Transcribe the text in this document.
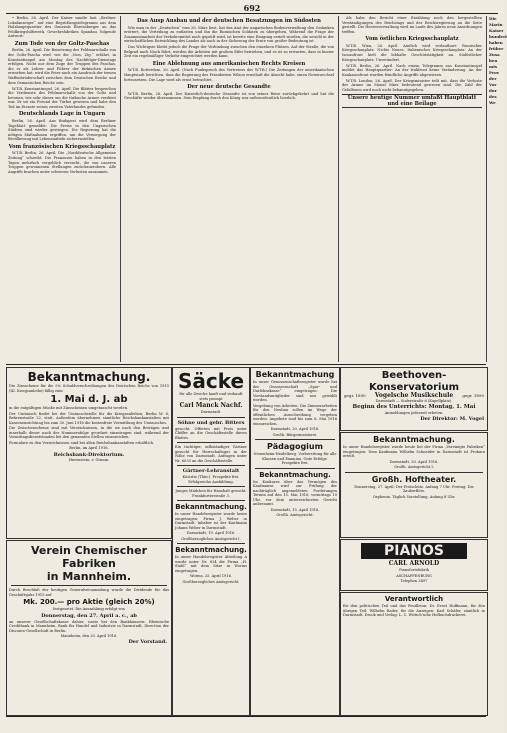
692

• Berlin, 26. April. Der Kaiser sandte laut „Berliner Lokalanzeiger“ auf eine Begrüßungstelegramm aus dem Holzhauptquartier des Generals Ehrensberger an das Feldkriegshilfswerk, Gewehrsfabriken Spandau, folgende Antwort:

Zum Tode von der Goltz-Paschas

Berlin, 26. April. Die Beisetzung des Feldmarschalls von der Goltz-Pascha wird, wie die „Voss. Ztg.“ erfährt, in Konstantinopel am Montag des Nachfolger-Dienstags erfolgen. Nicht nur dem Zuge der Truppen des Paschas, die er als Lehrer und Führer der türkischen Armee erworben hat, wird die Feier auch ein Ausdruck der treuen Waffenbrüderschaft zwischen dem Deutschen Reiche und dem Osmanischen Reiche sein.

W.T.B. Konstantinopel, 26. April. Die Blätter besprechen die Verdienste des Feldmarschalls von der Goltz und betonen, wie sehr dieser um die türkische Armee verdient war. Er sei ein Freund der Türkei gewesen und habe den Tod im Dienste seines zweiten Vaterlandes gefunden.

Deutschlands Lage in Ungarn

Berlin, 26. April. Aus Budapest wird dem Berliner Tageblatt gemeldet: Die Preise in den Ungarischen Städten sind wieder gestiegen. Die Regierung hat die nötigen Maßnahmen ergriffen, um die Versorgung der Bevölkerung mit Lebensmitteln sicherzustellen.

Vom französischen Kriegsschauplatz

W.T.B. Berlin, 26. April. Die „Norddeutsche Allgemeine Zeitung“ schreibt: Die Franzosen haben in den letzten Tagen mehrfach vergeblich versucht, die von unseren Truppen gewonnenen Stellungen zurückzuerobern. Alle Angriffe brachen unter schweren Verlusten zusammen.

Das Ausp Ausbau und der deutschen Besatzungen im Südosten

Wie man in der „Deutschen“ vom 26. März liest, hat das Amt der ungarischen Bodenverwaltung den Gedanken erörtert, die Verteilung zu entlasten und ihn die Russischen Soldaten zu übergeben. Während die Frage der Zusammenarbeit der Verkehrsmittel noch geprüft wird, ist bereits eine Einigung erzielt worden, die sowohl in der wirtschaftlichen Entwicklung des Landes als auch in der Sicherung der Ernte von großer Bedeutung ist.

Das Wichtigste bleibt jedoch die Frage der Verbindung zwischen den einzelnen Plätzen. Auf der Straße, die von Belgrad nach Nisch führt, werden die Arbeiten mit großem Eifer betrieben, und es ist zu erwarten, dass in kurzer Zeit ein regelmäßiger Verkehr eingerichtet werden kann.

Eine Ablehnung aus amerikanischen Rechts Kreisen

W.T.B. Rotterdam, 26. April. (Nach Funkspruch des Vertreters des W.T.B.) Die Zeitungen der amerikanischen Hauptstadt berichten, dass die Regierung des Präsidenten Wilson ernsthaft die Absicht habe, einen Notenwechsel fortzusetzen. Die Lage wird als ernst betrachtet.

Der neue deutsche Gesandte

W.T.B. Berlin, 26. April. Der Kaiserlich-deutsche Gesandte ist von seiner Reise zurückgekehrt und hat die Geschäfte wieder übernommen. Sein Empfang durch den König war außerordentlich herzlich.

Als habe den Bericht einer Erzählung noch den hergestellten Verständigungen des Reichstags und der Reichsregierung an die Seite gestellt. Die Heeresverwaltung wird im Laufe des Jahres neue Anordnungen treffen.

Vom östlichen Kriegsschauplatz

W.T.B. Wien, 26. April. Amtlich wird verlautbart: Russischer Kriegsschauplatz: Nichts Neues. Italienischer Kriegsschauplatz: An der Isonzofront hielt die lebhafte Geschütztätigkeit an. Südöstlicher Kriegsschauplatz: Unverändert.

W.T.B. Berlin, 26. April. Nach einem Telegramm aus Konstantinopel meldet das Hauptquartier: An der Irakfront keine Veränderung. An der Kaukasusfront wurden feindliche Angriffe abgewiesen.

W.T.B. London, 26. April. Der Kriegsminister teilt mit, dass die Verluste der Armee im Monat März bedeutend gewesen sind. Die Zahl der Gefallenen wird noch nicht bekanntgegeben.

Unsere heutige Nummer umfaßt Hauptblatt und eine Beilage
Die
Marin
Kaiser
hundert
haben
früher
Zusa
ben
mis
Prov
der
Vor
dur
des
We
Bekanntmachung.

Die Zinsscheine für die 5% Schuldverschreibungen des Deutschen Reichs von 1915 (III. Kriegsanleihe) fällig zum

1. Mai d. J. ab

in die entgültigen Stücke mit Zinsscheinen umgetauscht werden.

Der Umtausch findet bei der Umtauschstelle für die Kriegsanleihen, Berlin W. 8, Behrenstraße 22, statt. Außerdem übernehmen sämtliche Reichsbankanstalten mit Kasseneinrichtung bis zum 30. Juni 1916 die kostenfreie Vermittlung des Umtausches.

Die Zwischenscheine sind mit Verzeichnissen, in die sie nach den Beträgen und innerhalb dieser nach der Nummernfolge geordnet einzutragen sind, während der Vormittagsdienststunden bei den genannten Stellen einzureichen.

Formulare zu den Verzeichnissen sind bei allen Reichsbankanstalten erhältlich.

Berlin, im April 1916.

Reichsbank-Direktorium.

Havenstein. v. Grimm.

Verein Chemischer Fabriken
in Mannheim.

Durch Beschluß der heutigen Generalversammlung wurde die Dividende für das Geschäftsjahr 1915 auf

Mk. 200.— pro Aktie (gleich 20%)

festgesetzt. Die Auszahlung erfolgt von

Donnerstag, den 27. April a. c., ab

an unserer Gesellschaftskasse dahier, sowie bei den Bankhäusern: Rheinische Creditbank in Mannheim, Bank für Handel und Industrie in Darmstadt, Direction der Disconto-Gesellschaft in Berlin.

Mannheim, den 25. April 1916.

Der Vorstand.
Säcke

für alle Zwecke kauft und verkauft stets prompt

Carl Manck Nachf.

Darmstadt.

Söhne und gebr. Bitters

gesucht. Offerten mit Preis unter Chiffre an die Geschäftsstelle dieses Blattes.

Ein tüchtiger, selbständiger Gärtner gesucht für Herrschaftsgut in der Nähe von Darmstadt. Anfragen unter Nr. 6033 an die Geschäftsstelle.

Gärtner-Lehranstalt

Köstritz (Thür.). Prospekte frei. Erfolgreiche Ausbildung.

Junges Mädchen für Haushalt gesucht. Frankfurterstraße 3.

Bekanntmachung.

In unser Handelsregister wurde heute eingetragen: Firma J. Weber in Darmstadt. Inhaber ist der Kaufmann Johann Weber in Darmstadt.

Darmstadt, 19. April 1916.

Großherzogliches Amtsgericht I.

Bekanntmachung.

In unser Handelsregister Abteilung A wurde unter Nr. 834 die Firma „H. Stahl“ mit dem Sitze in Worms eingetragen.

Worms, 25. April 1916.

Großherzogliches Amtsgericht.

Bekanntmachung

In unser Genossenschaftsregister wurde bei der Genossenschaft „Spar- und Darlehnskasse“ eingetragen: Die Vorstandsmitglieder sind neu gewählt worden.

Vergebung von Arbeiten. Die Zimmerarbeiten für den Neubau sollen im Wege der öffentlichen Ausschreibung vergeben werden. Angebote sind bis zum 6. Mai 1916 einzureichen.

Darmstadt, 20. April 1916.

Großh. Bürgermeisterei.

Pädagogium

Neuenheim-Heidelberg. Vorbereitung für alle Klassen und Examina. Gute Erfolge. Prospekte frei.

Bekanntmachung.

Im Konkurse über das Vermögen des Kaufmanns wird zur Prüfung der nachträglich angemeldeten Forderungen Termin auf den 15. Mai 1916, vormittags 10 Uhr, vor dem unterzeichneten Gericht anberaumt.

Darmstadt, 15. April 1916.

Großh. Amtsgericht.

Beethoven-Konservatorium
gegr. 1890 Vogelsche Musikschule gegr. 1890

Darmstadt — Soderstraße 6 (Kapellplatz).

Beginn des Unterrichts: Montag, 1. Mai

Anmeldungen jederzeit erbeten.

Der Direktor: M. Vogel
Bekanntmachung.

In unser Handelsregister wurde heute bei der Firma „Vereinigte Fabriken“ eingetragen: Dem Kaufmann Wilhelm Schneider in Darmstadt ist Prokura erteilt.

Darmstadt, 20. April 1916.

Großh. Amtsgericht I.

Großh. Hoftheater.

Donnerstag, 27. April: Der Freischütz. Anfang 7 Uhr. Freitag: Die Zauberflöte.

Orpheum. Täglich Vorstellung. Anfang 8 Uhr.

PIANOS
CARL ARNOLD

Pianofortefabrik

ASCHAFFENBURG

Telephon 3497

Verantwortlich

für den politischen Teil und das Feuilleton: Dr. Ernst Hoffmann, für den übrigen Teil: Wilhelm Bader, für die Anzeigen: Karl Schäfer, sämtlich in Darmstadt. Druck und Verlag: L. C. Wittich'sche Hofbuchdruckerei.
